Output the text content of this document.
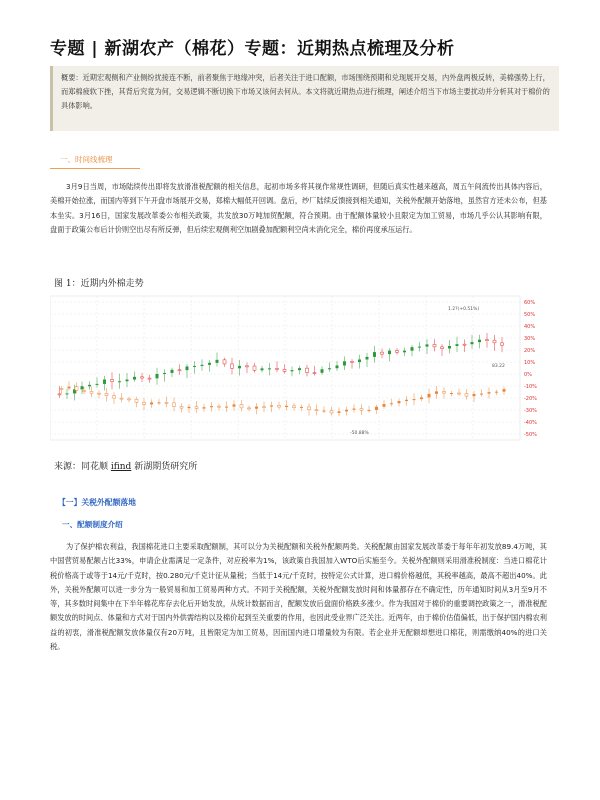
专题 | 新湖农产（棉花）专题：近期热点梳理及分析
概要：近期宏观侧和产业侧纷扰接连不断，前者聚焦于地缘冲突，后者关注于进口配额，市场围绕预期和兑现展开交易，内外盘两极反转，美棉强势上行，而郑棉疲软下挫，其背后究竟为何，交易逻辑不断切换下市场又该何去何从。本文将就近期热点进行梳理，阐述介绍当下市场主要扰动并分析其对于棉价的具体影响。
一、时间线梳理
3月9日当周，市场陆续传出即将发放滑准税配额的相关信息，起初市场多将其视作常规性调研，但随后真实性越来越高，周五午间流传出具体内容后，美棉开始拉涨，而国内等到下午开盘市场展开交易，郑棉大幅低开回调。盘后，纱厂陆续反馈接到相关通知，关税外配额开始落地，虽然官方还未公布，但基本坐实。3月16日，国家发展改革委公布相关政策，共发放30万吨加贸配额，符合预期。由于配额体量较小且限定为加工贸易，市场几乎公认其影响有限，盘面于政策公布后计价则空出尽有所反弹，但后续宏观侧利空加剧叠加配额利空尚未消化完全，棉价再度承压运行。
图 1：近期内外棉走势
60%
50%
40%
30%
20%
10%
0%
-10%
-20%
-30%
-40%
-50%
1.2?(+0.51%)
83.22
-50.88%
来源：同花顺 ifind 新湖期货研究所
【一】关税外配额落地
一、配额制度介绍
为了保护棉农利益，我国棉花进口主要采取配额制，其可以分为关税配额和关税外配额两类。关税配额由国家发展改革委于每年年初发放89.4万吨，其中国营贸易配额占比33%，申请企业需满足一定条件，对应税率为1%，该政策自我国加入WTO后实施至今。关税外配额则采用滑准税制度：当进口棉花计税价格高于或等于14元/千克时，按0.280元/千克计征从量税；当低于14元/千克时，按特定公式计算，进口棉价格越低，其税率越高，最高不超出40%。此外，关税外配额可以进一步分为一般贸易和加工贸易两种方式。不同于关税配额，关税外配额发放时间和体量都存在不确定性，历年通知时间从3月至9月不等，其多数时间集中在下半年棉花库存去化后开始发放，从统计数据而言，配额发放后盘面价格跌多涨少。作为我国对于棉价的重要调控政策之一，滑准税配额发放的时间点、体量和方式对于国内外供需结构以及棉价起到至关重要的作用，也因此受业界广泛关注。近两年，由于棉价估值偏低，出于保护国内棉农利益的初衷，滑准税配额发放体量仅有20万吨，且皆限定为加工贸易，因而国内进口增量较为有限。若企业并无配额却想进口棉花，则需缴纳40%的进口关税。
